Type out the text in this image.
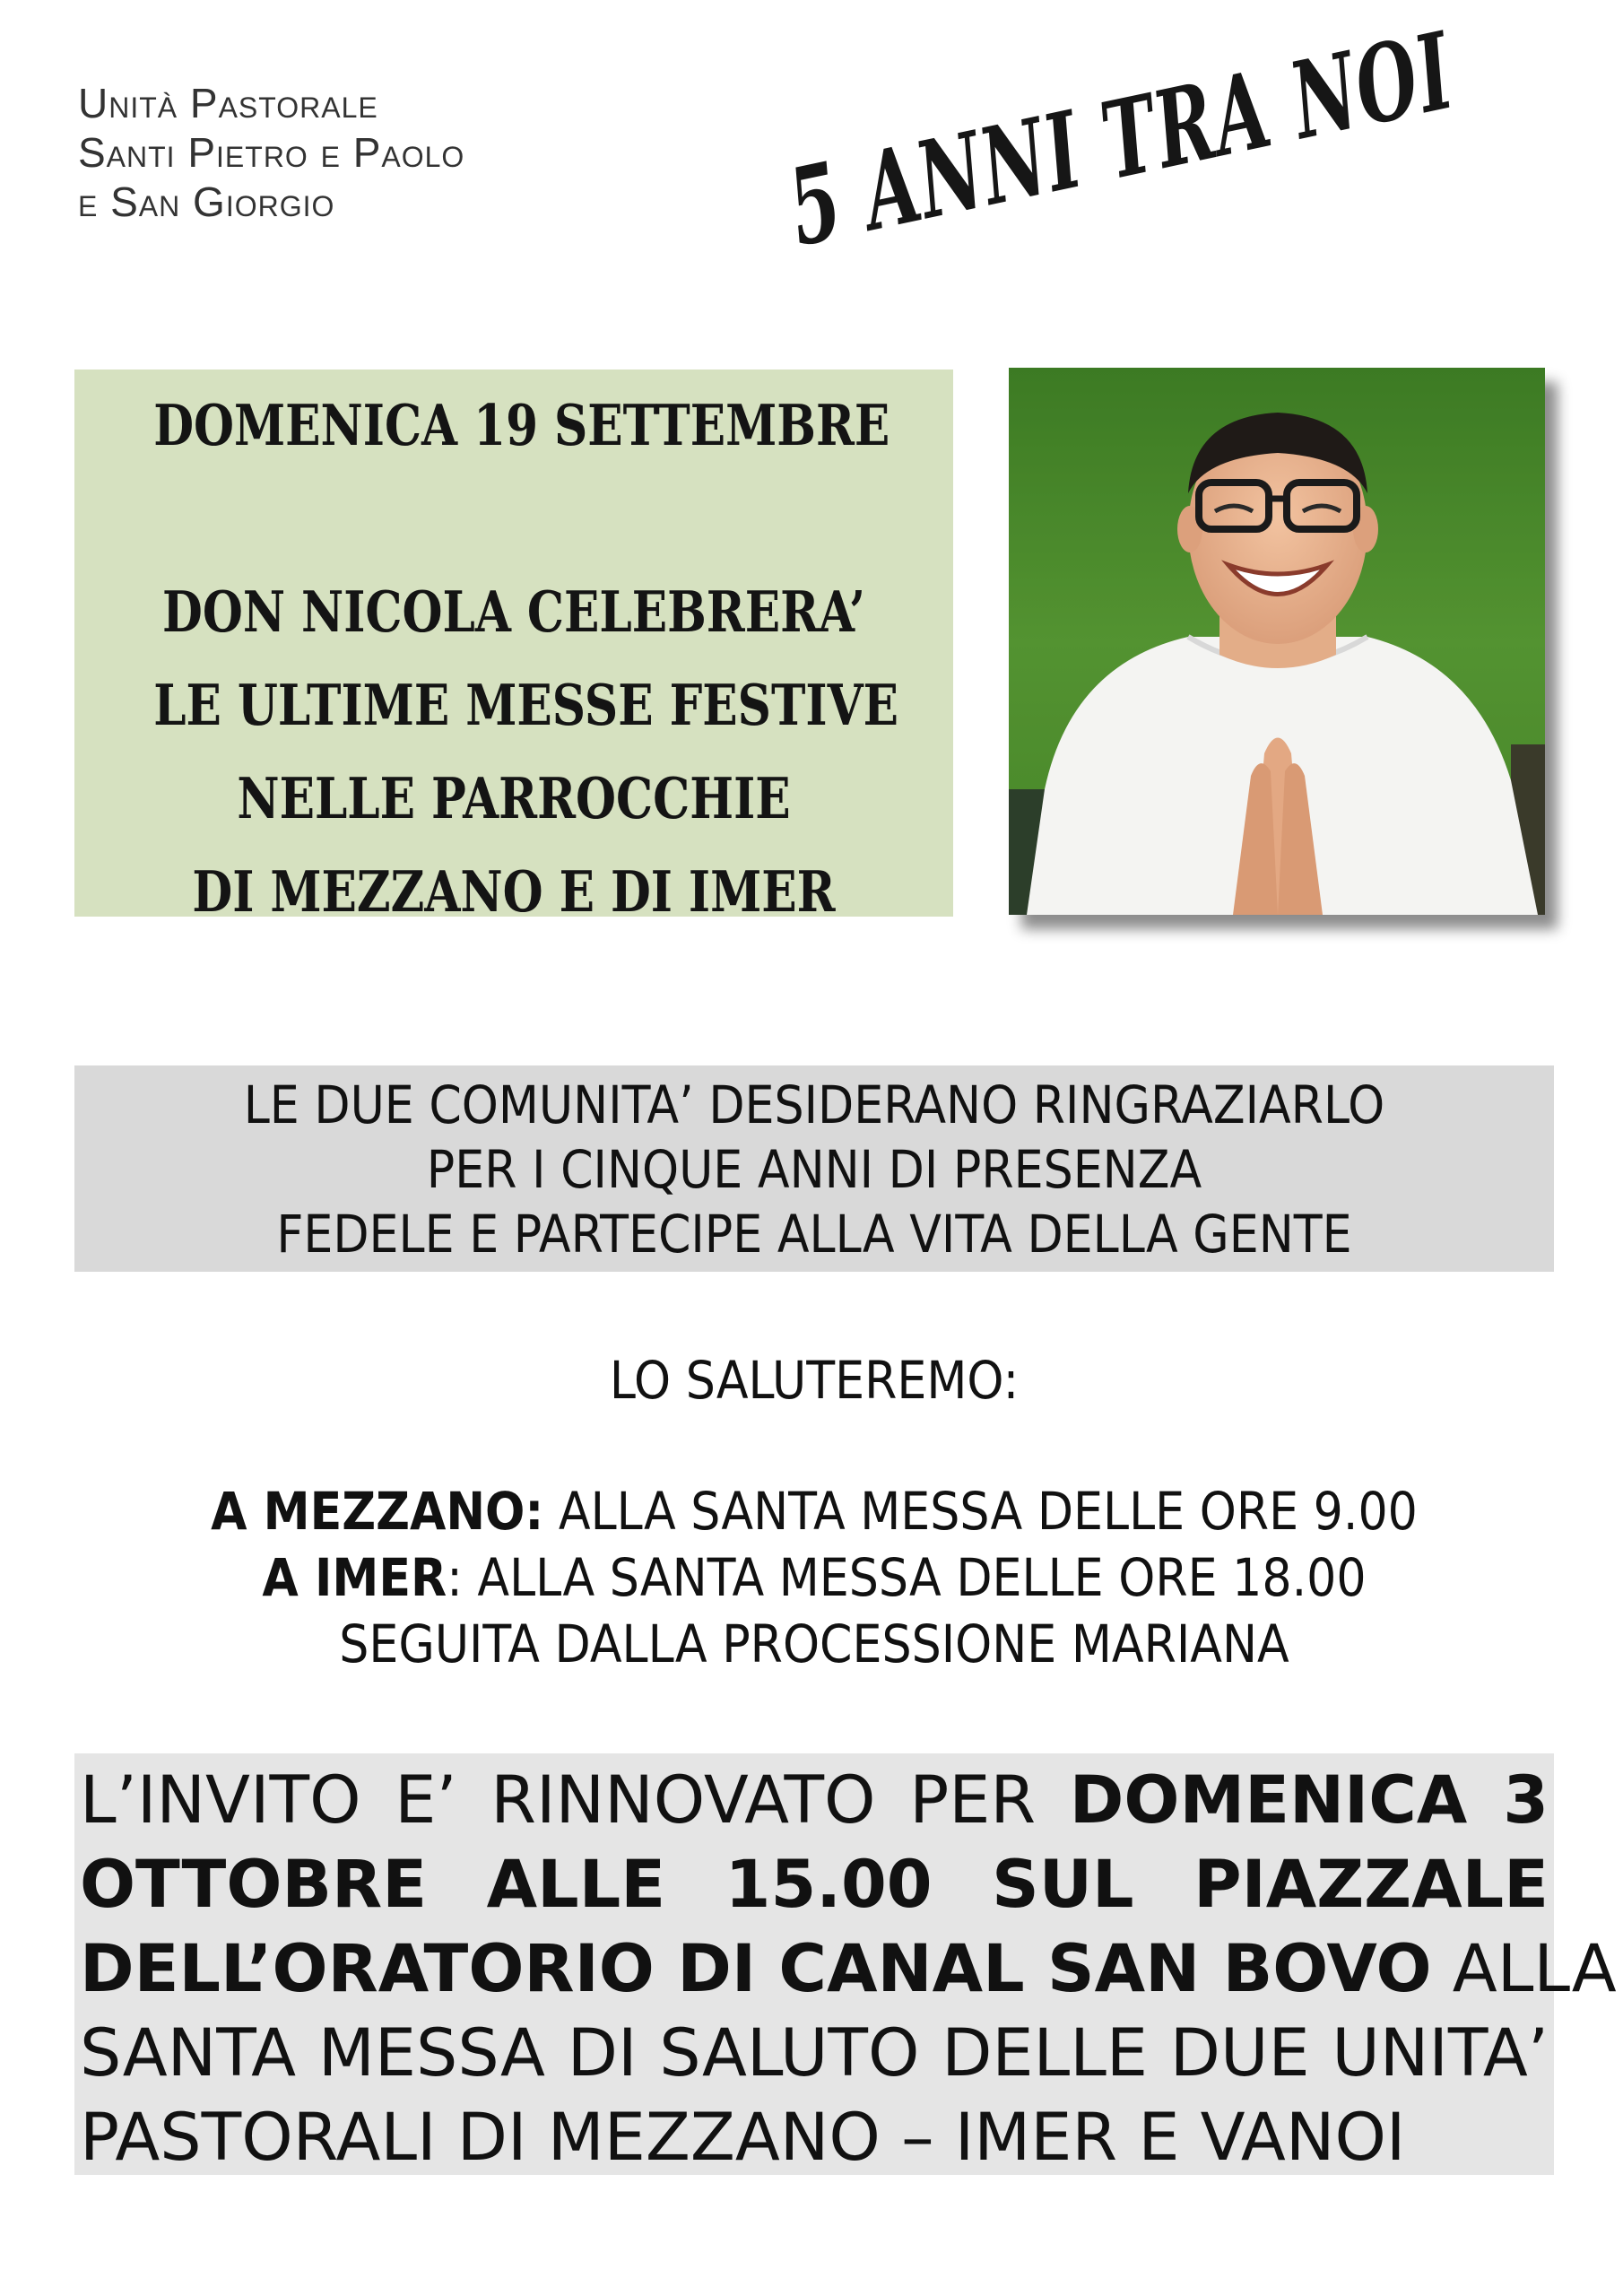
Unità Pastorale
Santi Pietro e Paolo
e San Giorgio	5 ANNI TRA NOI
DOMENICA 19 SETTEMBRE
DON NICOLA CELEBRERA’
LE ULTIME MESSE FESTIVE
NELLE PARROCCHIE
DI MEZZANO E DI IMER
LE DUE COMUNITA’ DESIDERANO RINGRAZIARLO
PER I CINQUE ANNI DI PRESENZA
FEDELE E PARTECIPE ALLA VITA DELLA GENTE
LO SALUTEREMO:
A MEZZANO: ALLA SANTA MESSA DELLE ORE 9.00
A IMER: ALLA SANTA MESSA DELLE ORE 18.00
SEGUITA DALLA PROCESSIONE MARIANA
L’INVITO E’ RINNOVATO PER DOMENICA 3
OTTOBRE ALLE 15.00 SUL PIAZZALE
DELL’ORATORIO DI CANAL SAN BOVO ALLA
SANTA MESSA DI SALUTO DELLE DUE UNITA’
PASTORALI DI MEZZANO – IMER E VANOI
